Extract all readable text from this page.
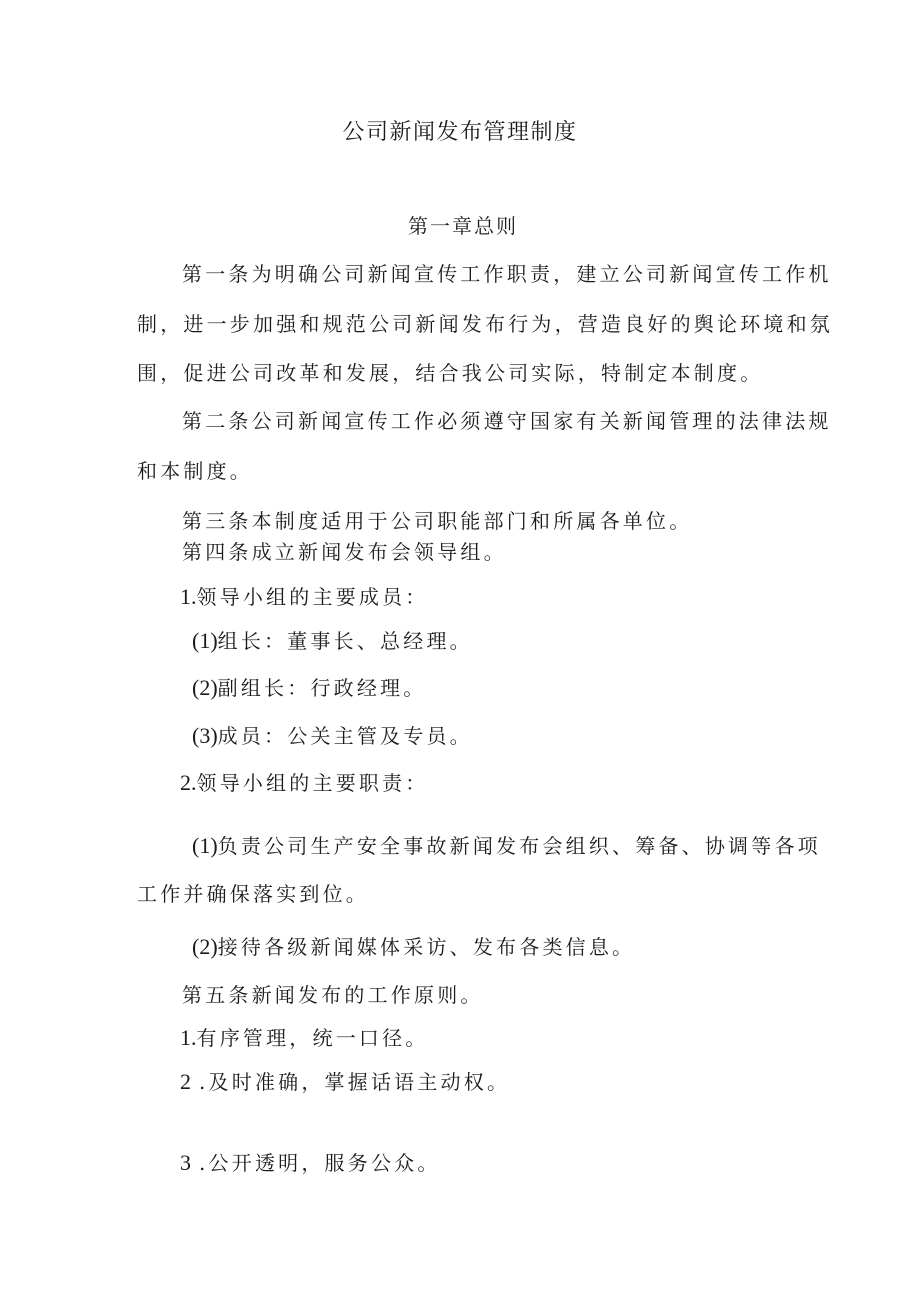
公司新闻发布管理制度
第一章总则
第一条为明确公司新闻宣传工作职责，建立公司新闻宣传工作机
制，进一步加强和规范公司新闻发布行为，营造良好的舆论环境和氛
围，促进公司改革和发展，结合我公司实际，特制定本制度。
第二条公司新闻宣传工作必须遵守国家有关新闻管理的法律法规
和本制度。
第三条本制度适用于公司职能部门和所属各单位。
第四条成立新闻发布会领导组。
1.领导小组的主要成员：
(1)组长：董事长、总经理。
(2)副组长：行政经理。
(3)成员：公关主管及专员。
2.领导小组的主要职责：
(1)负责公司生产安全事故新闻发布会组织、筹备、协调等各项
工作并确保落实到位。
(2)接待各级新闻媒体采访、发布各类信息。
第五条新闻发布的工作原则。
1.有序管理，统一口径。
2 .及时准确，掌握话语主动权。
3 .公开透明，服务公众。
